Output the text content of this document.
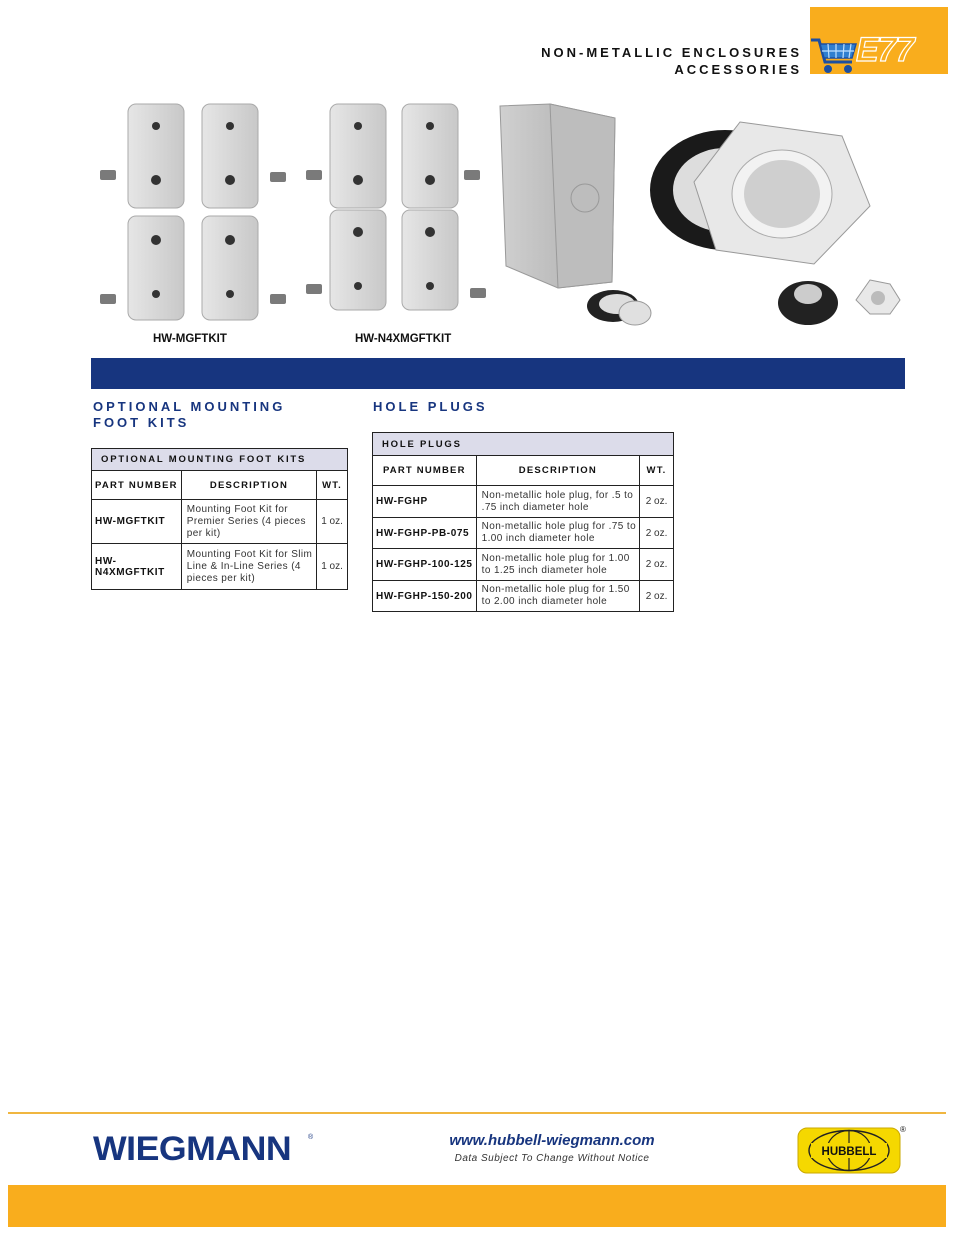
NON-METALLIC ENCLOSURES
ACCESSORIES
E77
HW-MGFTKIT	HW-N4XMGFTKIT
OPTIONAL MOUNTING
FOOT KITS
HOLE PLUGS
OPTIONAL MOUNTING FOOT KITS		
PART NUMBER	DESCRIPTION	WT.
HW-MGFTKIT	Mounting Foot Kit for Premier Series (4 pieces per kit)	1 oz.
HW-N4XMGFTKIT	Mounting Foot Kit for Slim Line & In-Line Series (4 pieces per kit)	1 oz.
HOLE PLUGS		
PART NUMBER	DESCRIPTION	WT.
HW-FGHP	Non-metallic hole plug, for .5 to .75 inch diameter hole	2 oz.
HW-FGHP-PB-075	Non-metallic hole plug for .75 to 1.00 inch diameter hole	2 oz.
HW-FGHP-100-125	Non-metallic hole plug for 1.00 to 1.25 inch diameter hole	2 oz.
HW-FGHP-150-200	Non-metallic hole plug for 1.50 to 2.00 inch diameter hole	2 oz.
WIEGMANN ®	www.hubbell-wiegmann.com
Data Subject To Change Without Notice
HUBBELL
®
